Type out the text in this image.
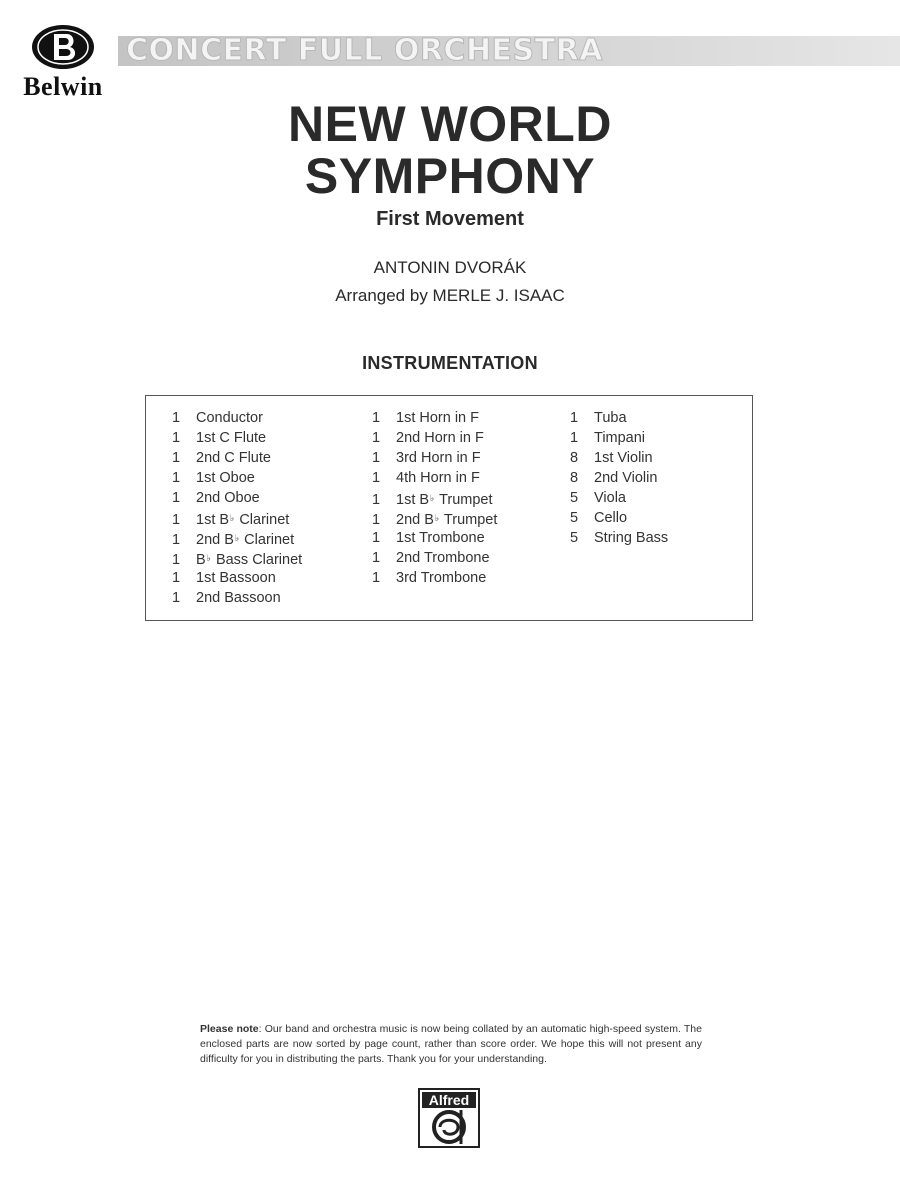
Belwin
CONCERT FULL ORCHESTRA
NEW WORLD
SYMPHONY
First Movement
ANTONIN DVORÁK
Arranged by MERLE J. ISAAC
INSTRUMENTATION
1 Conductor
1 1st C Flute
1 2nd C Flute
1 1st Oboe
1 2nd Oboe
1 1st B♭ Clarinet
1 2nd B♭ Clarinet
1 B♭ Bass Clarinet
1 1st Bassoon
1 2nd Bassoon
1 1st Horn in F
1 2nd Horn in F
1 3rd Horn in F
1 4th Horn in F
1 1st B♭ Trumpet
1 2nd B♭ Trumpet
1 1st Trombone
1 2nd Trombone
1 3rd Trombone
1 Tuba
1 Timpani
8 1st Violin
8 2nd Violin
5 Viola
5 Cello
5 String Bass
Please note: Our band and orchestra music is now being collated by an automatic high-speed system. The enclosed parts are now sorted by page count, rather than score order. We hope this will not present any difficulty for you in distributing the parts. Thank you for your understanding.
Alfred
